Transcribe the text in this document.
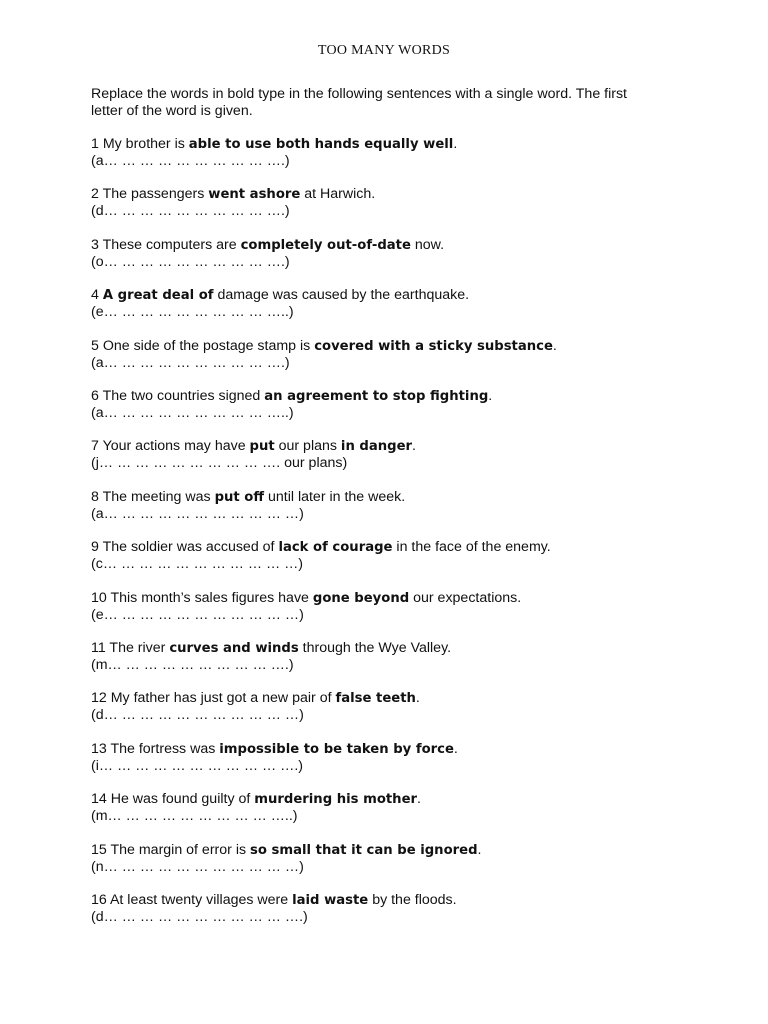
TOO MANY WORDS
Replace the words in bold type in the following sentences with a single word. The first letter of the word is given.
1 My brother is able to use both hands equally well.
(a… … … … … … … … … ….)
2 The passengers went ashore at Harwich.
(d… … … … … … … … … ….)
3 These computers are completely out-of-date now.
(o… … … … … … … … … ….)
4 A great deal of damage was caused by the earthquake.
(e… … … … … … … … … …..)
5 One side of the postage stamp is covered with a sticky substance.
(a… … … … … … … … … ….)
6 The two countries signed an agreement to stop fighting.
(a… … … … … … … … … …..)
7 Your actions may have put our plans in danger.
(j… … … … … … … … … …. our plans)
8 The meeting was put off until later in the week.
(a… … … … … … … … … … …)
9 The soldier was accused of lack of courage in the face of the enemy.
(c… … … … … … … … … … …)
10 This month’s sales figures have gone beyond our expectations.
(e… … … … … … … … … … …)
11 The river curves and winds through the Wye Valley.
(m… … … … … … … … … ….)
12 My father has just got a new pair of false teeth.
(d… … … … … … … … … … …)
13 The fortress was impossible to be taken by force.
(i… … … … … … … … … … ….)
14 He was found guilty of murdering his mother.
(m… … … … … … … … … …..)
15 The margin of error is so small that it can be ignored.
(n… … … … … … … … … … …)
16 At least twenty villages were laid waste by the floods.
(d… … … … … … … … … … ….)
